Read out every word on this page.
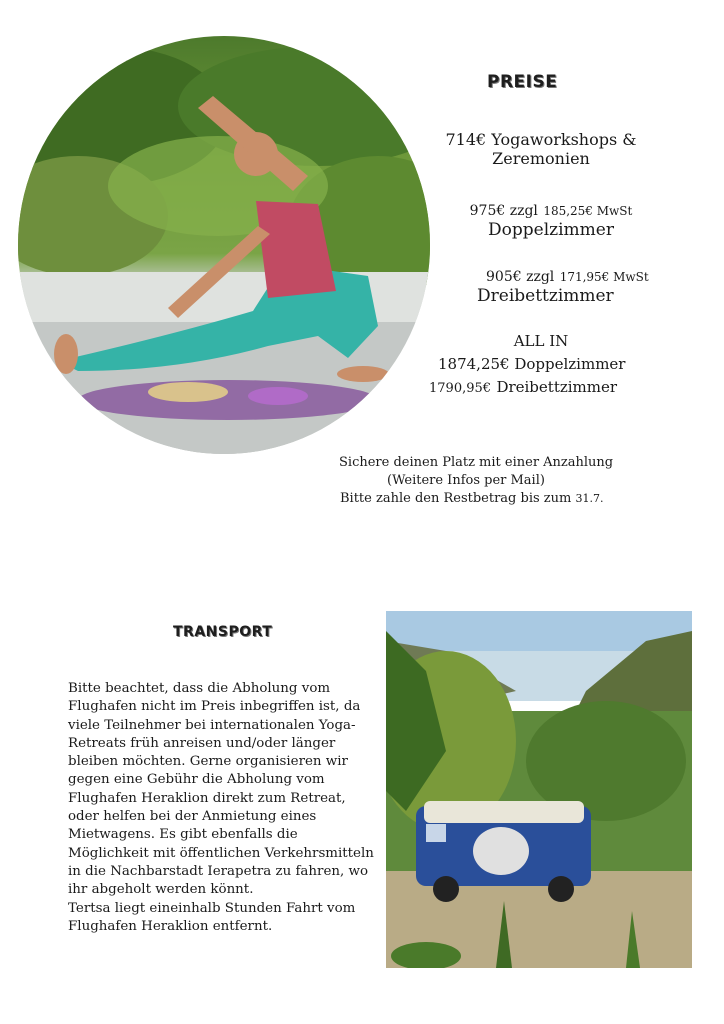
PREISE
714€ Yogaworkshops &
Zeremonien
975€ zzgl 185,25€ MwSt
Doppelzimmer
905€ zzgl 171,95€ MwSt
Dreibettzimmer
ALL IN
1874,25€ Doppelzimmer
1790,95€ Dreibettzimmer
Sichere deinen Platz mit einer Anzahlung
(Weitere Infos per Mail)
Bitte zahle den Restbetrag bis zum 31.7.
TRANSPORT

Bitte beachtet, dass die Abholung vom Flughafen nicht im Preis inbegriffen ist, da viele Teilnehmer bei internationalen Yoga-Retreats früh anreisen und/oder länger bleiben möchten. Gerne organisieren wir gegen eine Gebühr die Abholung vom Flughafen Heraklion direkt zum Retreat, oder helfen bei der Anmietung eines Mietwagens. Es gibt ebenfalls die Möglichkeit mit öffentlichen Verkehrsmitteln in die Nachbarstadt Ierapetra zu fahren, wo ihr abgeholt werden könnt.

Tertsa liegt eineinhalb Stunden Fahrt vom Flughafen Heraklion entfernt.
